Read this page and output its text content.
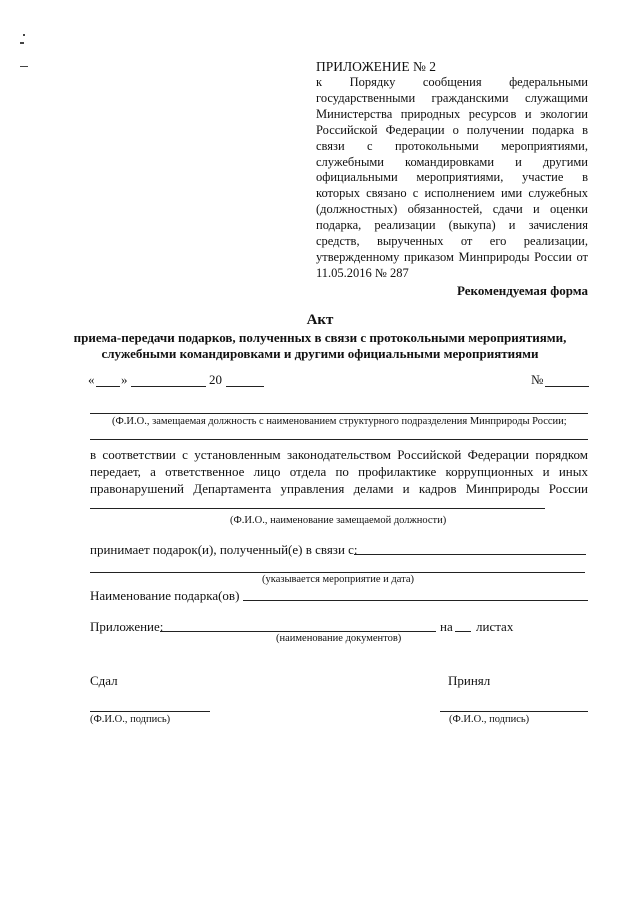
ПРИЛОЖЕНИЕ № 2
к Порядку сообщения федеральными государственными гражданскими служащими Министерства природных ресурсов и экологии Российской Федерации о получении подарка в связи с протокольными мероприятиями, служебными командировками и другими официальными мероприятиями, участие в которых связано с исполнением ими служебных (должностных) обязанностей, сдачи и оценки подарка, реализации (выкупа) и зачисления средств, вырученных от его реализации, утвержденному приказом Минприроды России от 11.05.2016 № 287
Рекомендуемая форма
Акт
приема-передачи подарков, полученных в связи с протокольными мероприятиями,
служебными командировками и другими официальными мероприятиями
« »	20	№
(Ф.И.О., замещаемая должность с наименованием структурного подразделения Минприроды России;
в соответствии с установленным законодательством Российской Федерации порядком передает, а ответственное лицо отдела по профилактике коррупционных и иных правонарушений Департамента управления делами и кадров Минприроды России
(Ф.И.О., наименование замещаемой должности)
принимает подарок(и), полученный(е) в связи с:
(указывается мероприятие и дата)
Наименование подарка(ов)
Приложение:	на листах
(наименование документов)
Сдал	Принял
(Ф.И.О., подпись)	(Ф.И.О., подпись)
